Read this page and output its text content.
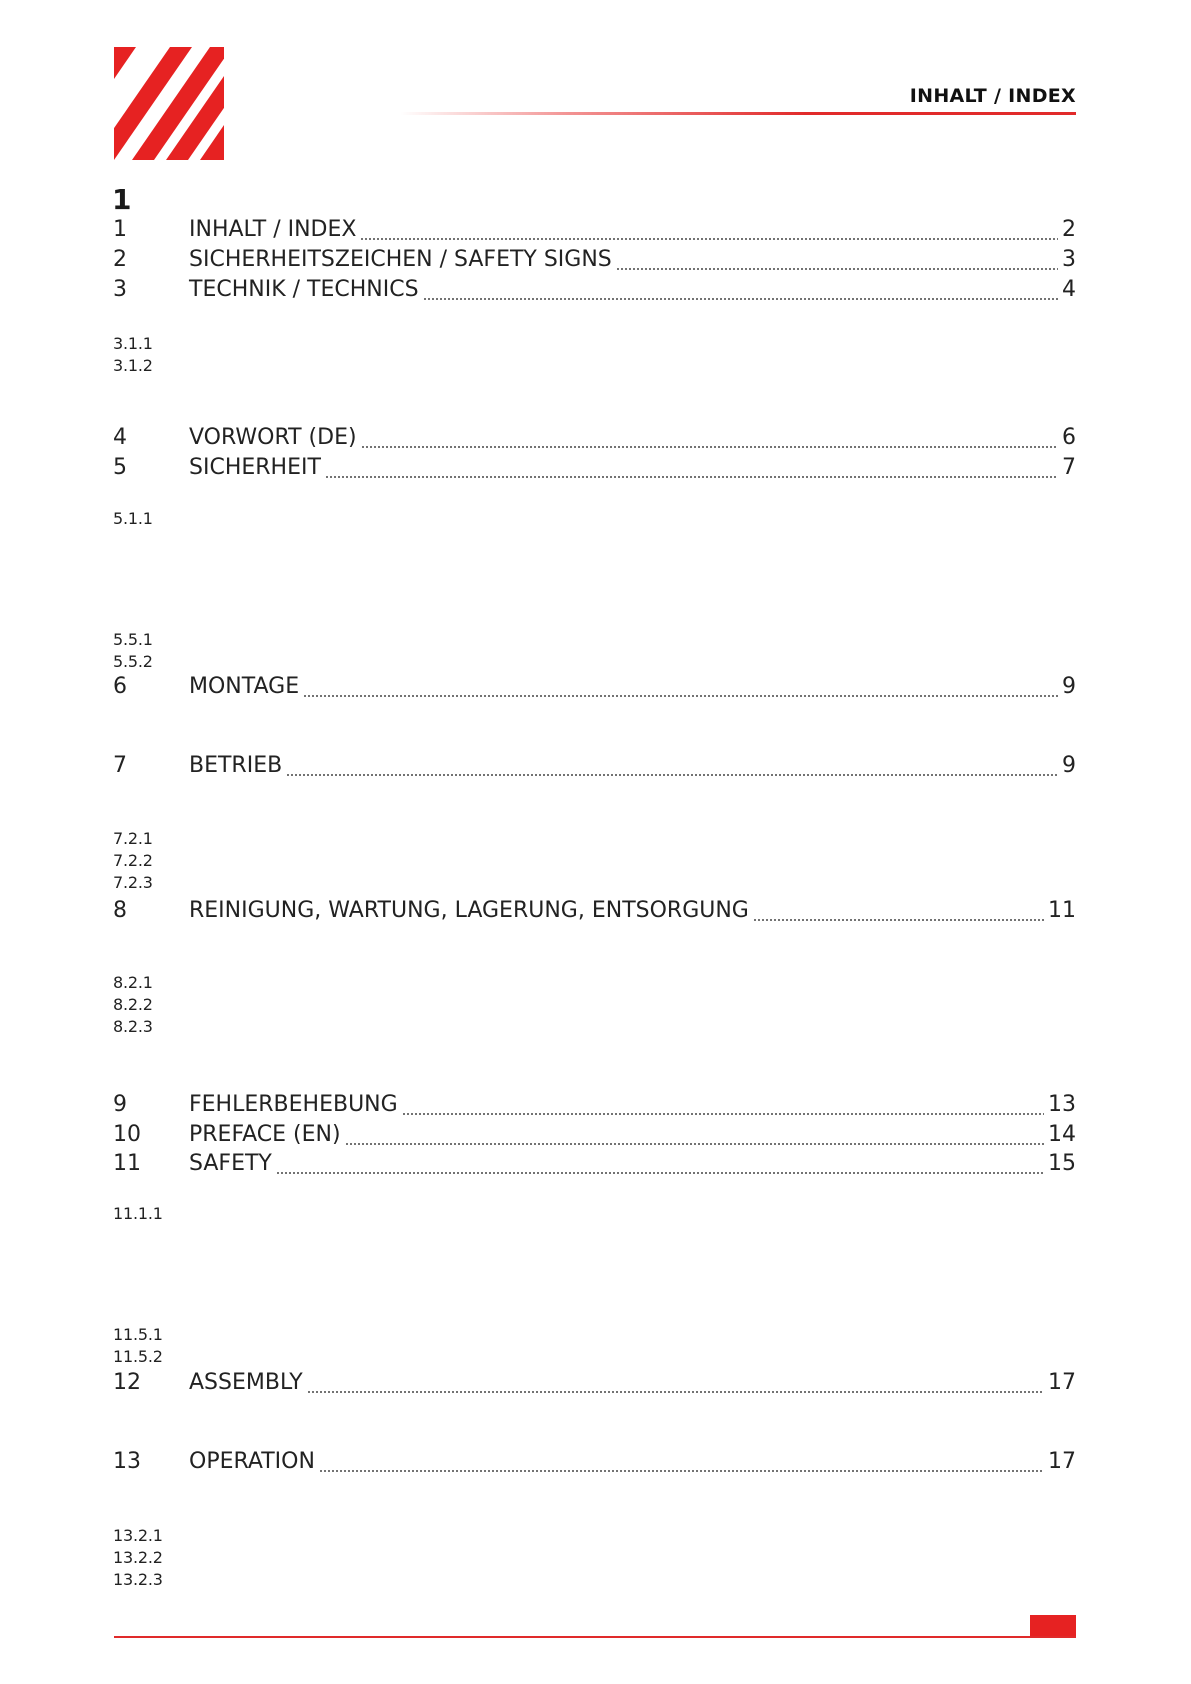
INHALT / INDEX
1
1	INHALT / INDEX	2
2	SICHERHEITSZEICHEN / SAFETY SIGNS	3
3	TECHNIK / TECHNICS	4
3.1.1
3.1.2
4	VORWORT (DE)	6
5	SICHERHEIT	7
5.1.1
5.5.1
5.5.2
6	MONTAGE	9
7	BETRIEB	9
7.2.1
7.2.2
7.2.3
8	REINIGUNG, WARTUNG, LAGERUNG, ENTSORGUNG	11
8.2.1
8.2.2
8.2.3
9	FEHLERBEHEBUNG	13
10	PREFACE (EN)	14
11	SAFETY	15
11.1.1
11.5.1
11.5.2
12	ASSEMBLY	17
13	OPERATION	17
13.2.1
13.2.2
13.2.3
